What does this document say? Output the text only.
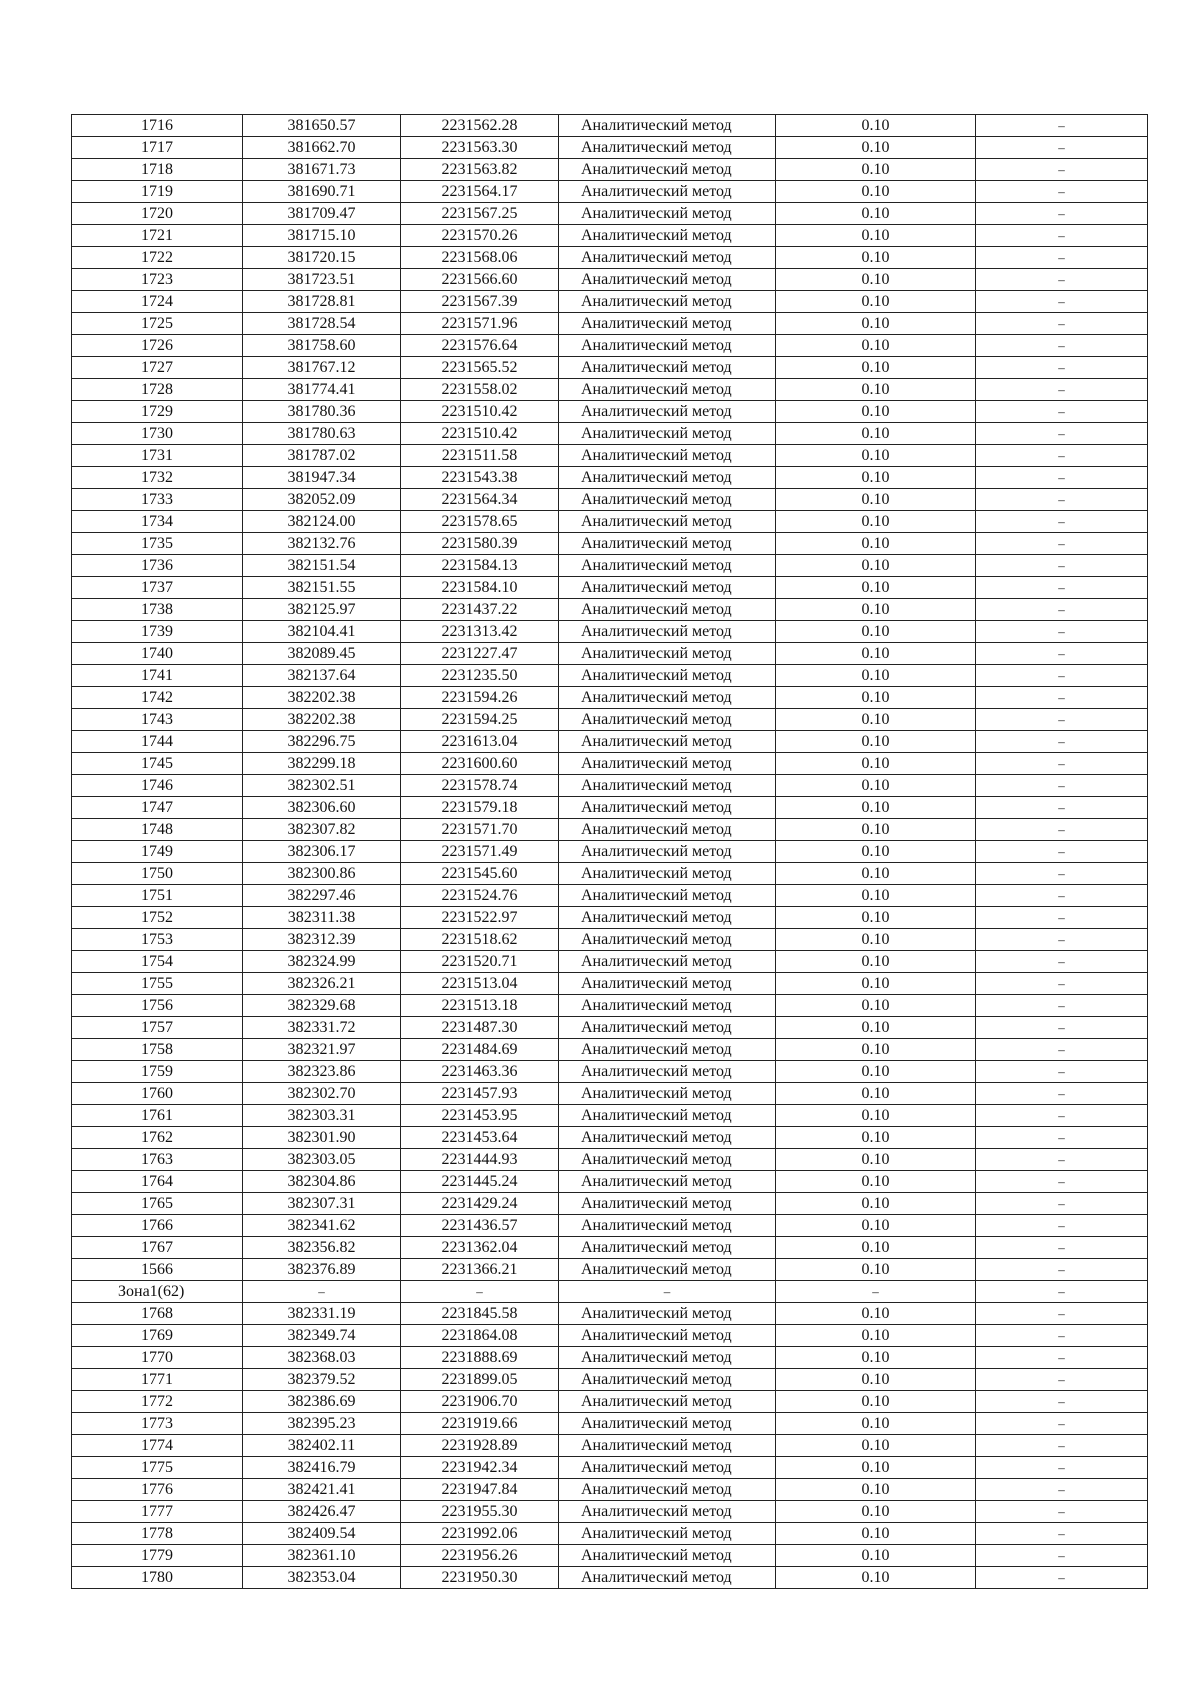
1716	381650.57	2231562.28	Аналитический метод	0.10	–
1717	381662.70	2231563.30	Аналитический метод	0.10	–
1718	381671.73	2231563.82	Аналитический метод	0.10	–
1719	381690.71	2231564.17	Аналитический метод	0.10	–
1720	381709.47	2231567.25	Аналитический метод	0.10	–
1721	381715.10	2231570.26	Аналитический метод	0.10	–
1722	381720.15	2231568.06	Аналитический метод	0.10	–
1723	381723.51	2231566.60	Аналитический метод	0.10	–
1724	381728.81	2231567.39	Аналитический метод	0.10	–
1725	381728.54	2231571.96	Аналитический метод	0.10	–
1726	381758.60	2231576.64	Аналитический метод	0.10	–
1727	381767.12	2231565.52	Аналитический метод	0.10	–
1728	381774.41	2231558.02	Аналитический метод	0.10	–
1729	381780.36	2231510.42	Аналитический метод	0.10	–
1730	381780.63	2231510.42	Аналитический метод	0.10	–
1731	381787.02	2231511.58	Аналитический метод	0.10	–
1732	381947.34	2231543.38	Аналитический метод	0.10	–
1733	382052.09	2231564.34	Аналитический метод	0.10	–
1734	382124.00	2231578.65	Аналитический метод	0.10	–
1735	382132.76	2231580.39	Аналитический метод	0.10	–
1736	382151.54	2231584.13	Аналитический метод	0.10	–
1737	382151.55	2231584.10	Аналитический метод	0.10	–
1738	382125.97	2231437.22	Аналитический метод	0.10	–
1739	382104.41	2231313.42	Аналитический метод	0.10	–
1740	382089.45	2231227.47	Аналитический метод	0.10	–
1741	382137.64	2231235.50	Аналитический метод	0.10	–
1742	382202.38	2231594.26	Аналитический метод	0.10	–
1743	382202.38	2231594.25	Аналитический метод	0.10	–
1744	382296.75	2231613.04	Аналитический метод	0.10	–
1745	382299.18	2231600.60	Аналитический метод	0.10	–
1746	382302.51	2231578.74	Аналитический метод	0.10	–
1747	382306.60	2231579.18	Аналитический метод	0.10	–
1748	382307.82	2231571.70	Аналитический метод	0.10	–
1749	382306.17	2231571.49	Аналитический метод	0.10	–
1750	382300.86	2231545.60	Аналитический метод	0.10	–
1751	382297.46	2231524.76	Аналитический метод	0.10	–
1752	382311.38	2231522.97	Аналитический метод	0.10	–
1753	382312.39	2231518.62	Аналитический метод	0.10	–
1754	382324.99	2231520.71	Аналитический метод	0.10	–
1755	382326.21	2231513.04	Аналитический метод	0.10	–
1756	382329.68	2231513.18	Аналитический метод	0.10	–
1757	382331.72	2231487.30	Аналитический метод	0.10	–
1758	382321.97	2231484.69	Аналитический метод	0.10	–
1759	382323.86	2231463.36	Аналитический метод	0.10	–
1760	382302.70	2231457.93	Аналитический метод	0.10	–
1761	382303.31	2231453.95	Аналитический метод	0.10	–
1762	382301.90	2231453.64	Аналитический метод	0.10	–
1763	382303.05	2231444.93	Аналитический метод	0.10	–
1764	382304.86	2231445.24	Аналитический метод	0.10	–
1765	382307.31	2231429.24	Аналитический метод	0.10	–
1766	382341.62	2231436.57	Аналитический метод	0.10	–
1767	382356.82	2231362.04	Аналитический метод	0.10	–
1566	382376.89	2231366.21	Аналитический метод	0.10	–
Зона1(62)	–	–	–	–	–
1768	382331.19	2231845.58	Аналитический метод	0.10	–
1769	382349.74	2231864.08	Аналитический метод	0.10	–
1770	382368.03	2231888.69	Аналитический метод	0.10	–
1771	382379.52	2231899.05	Аналитический метод	0.10	–
1772	382386.69	2231906.70	Аналитический метод	0.10	–
1773	382395.23	2231919.66	Аналитический метод	0.10	–
1774	382402.11	2231928.89	Аналитический метод	0.10	–
1775	382416.79	2231942.34	Аналитический метод	0.10	–
1776	382421.41	2231947.84	Аналитический метод	0.10	–
1777	382426.47	2231955.30	Аналитический метод	0.10	–
1778	382409.54	2231992.06	Аналитический метод	0.10	–
1779	382361.10	2231956.26	Аналитический метод	0.10	–
1780	382353.04	2231950.30	Аналитический метод	0.10	–
